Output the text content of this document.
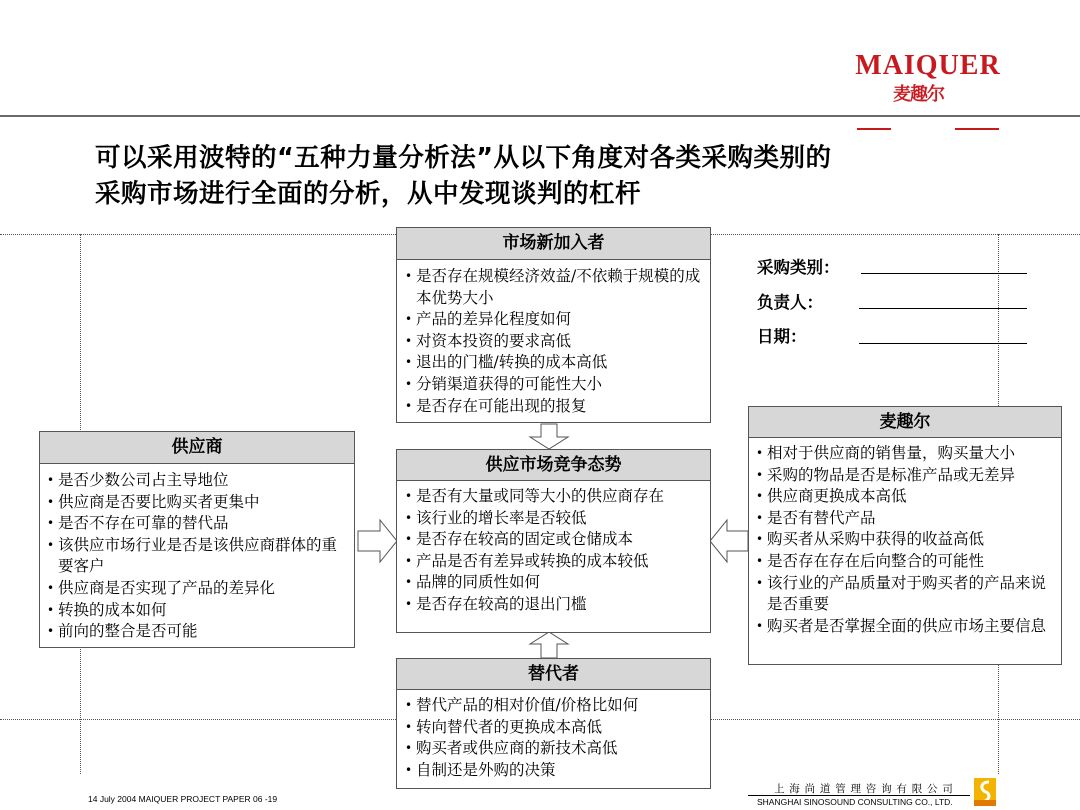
MAIQUER
麦趣尔
可以采用波特的“五种力量分析法”从以下角度对各类采购类别的
采购市场进行全面的分析，从中发现谈判的杠杆
市场新加入者
• 是否存在规模经济效益/不依赖于规模的成本优势大小
• 产品的差异化程度如何
• 对资本投资的要求高低
• 退出的门槛/转换的成本高低
• 分销渠道获得的可能性大小
• 是否存在可能出现的报复
供应商
• 是否少数公司占主导地位
• 供应商是否要比购买者更集中
• 是否不存在可靠的替代品
• 该供应市场行业是否是该供应商群体的重要客户
• 供应商是否实现了产品的差异化
• 转换的成本如何
• 前向的整合是否可能
供应市场竞争态势
• 是否有大量或同等大小的供应商存在
• 该行业的增长率是否较低
• 是否存在较高的固定或仓储成本
• 产品是否有差异或转换的成本较低
• 品牌的同质性如何
• 是否存在较高的退出门槛
麦趣尔
• 相对于供应商的销售量，购买量大小
• 采购的物品是否是标准产品或无差异
• 供应商更换成本高低
• 是否有替代产品
• 购买者从采购中获得的收益高低
• 是否存在存在后向整合的可能性
• 该行业的产品质量对于购买者的产品来说是否重要
• 购买者是否掌握全面的供应市场主要信息
替代者
• 替代产品的相对价值/价格比如何
• 转向替代者的更换成本高低
• 购买者或供应商的新技术高低
• 自制还是外购的决策
采购类别：
负责人：
日期：
14 July 2004 MAIQUER PROJECT PAPER 06 -19
上海尚道管理咨询有限公司
SHANGHAI SINOSOUND CONSULTING CO., LTD.
